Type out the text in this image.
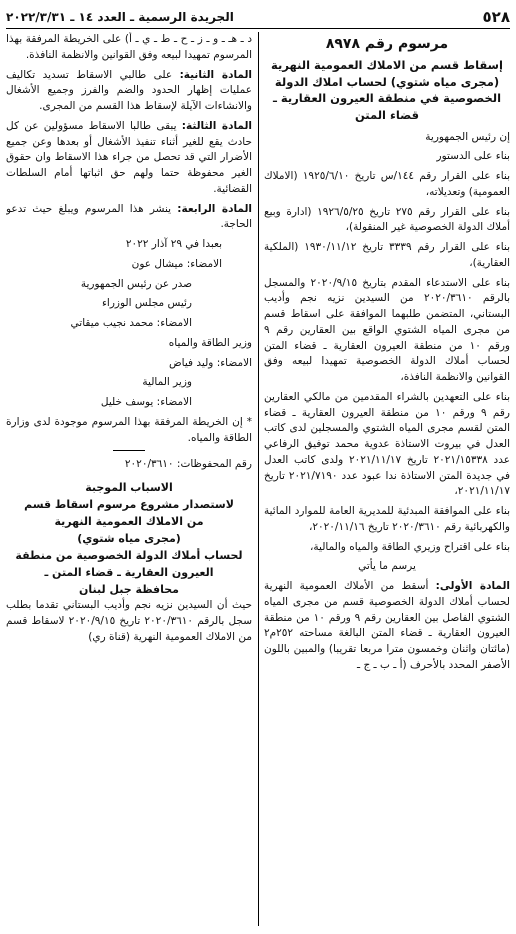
٥٢٨
الجريدة الرسمية ـ العدد ١٤ ـ ٢٠٢٢/٣/٣١
مرسوم رقم ٨٩٧٨
إسقاط قسم من الاملاك العمومية النهرية
(مجرى مياه شتوي) لحساب املاك الدولة
الخصوصية في منطقة العيرون العقارية ـ
قضاء المتن

إن رئيس الجمهورية

بناء على الدستور

بناء على القرار رقم ١٤٤/س تاريخ ١٩٢٥/٦/١٠ (الاملاك العمومية) وتعديلاته،

بناء على القرار رقم ٢٧٥ تاريخ ١٩٢٦/٥/٢٥ (ادارة وبيع أملاك الدولة الخصوصية غير المنقولة)،

بناء على القرار رقم ٣٣٣٩ تاريخ ١٩٣٠/١١/١٢ (الملكية العقارية)،

بناء على الاستدعاء المقدم بتاريخ ٢٠٢٠/٩/١٥ والمسجل بالرقم ٢٠٢٠/٣٦١٠ من السيدين نزيه نجم وأديب البستاني، المتضمن طلبهما الموافقة على اسقاط قسم من مجرى المياه الشتوي الواقع بين العقارين رقم ٩ ورقم ١٠ من منطقة العيرون العقارية ـ قضاء المتن لحساب أملاك الدولة الخصوصية تمهيدا لبيعه وفق القوانين والانظمة النافذة،

بناء على التعهدين بالشراء المقدمين من مالكي العقارين رقم ٩ ورقم ١٠ من منطقة العيرون العقارية ـ قضاء المتن لقسم مجرى المياه الشتوي والمسجلين لدى كاتب العدل في بيروت الاستاذة عدوية محمد توفيق الرفاعي عدد ٢٠٢١/١٥٣٣٨ تاريخ ٢٠٢١/١١/١٧ ولدى كاتب العدل في جديدة المتن الاستاذة ندا عبود عدد ٢٠٢١/٧١٩٠ تاريخ ٢٠٢١/١١/١٧،

بناء على الموافقة المبدئية للمديرية العامة للموارد المائية والكهربائية رقم ٢٠٢٠/٣٦١٠ تاريخ ٢٠٢٠/١١/١٦،

بناء على اقتراح وزيري الطاقة والمياه والمالية،

يرسم ما يأتي

المادة الأولى: أسقط من الأملاك العمومية النهرية لحساب أملاك الدولة الخصوصية قسم من مجرى المياه الشتوي الفاصل بين العقارين رقم ٩ ورقم ١٠ من منطقة العيرون العقارية ـ قضاء المتن البالغة مساحته ٢٥٢م٢ (مائتان واثنان وخمسون مترا مربعا تقريبا) والمبين باللون الأصفر المحدد بالأحرف (أ ـ ب ـ ج ـ

د ـ هـ ـ و ـ ز ـ ح ـ ط ـ ي ـ أ) على الخريطة المرفقة بهذا المرسوم تمهيدا لبيعه وفق القوانين والانظمة النافذة.

المادة الثانية: على طالبي الاسقاط تسديد تكاليف عمليات إظهار الحدود والضم والفرز وجميع الأشغال والانشاءات الآيلة لإسقاط هذا القسم من المجرى.

المادة الثالثة: يبقى طالبا الاسقاط مسؤولين عن كل حادث يقع للغير أثناء تنفيذ الأشغال أو بعدها وعن جميع الأضرار التي قد تحصل من جراء هذا الاسقاط وان حقوق الغير محفوظة حتما ولهم حق اثباتها أمام السلطات القضائية.

المادة الرابعة: ينشر هذا المرسوم ويبلغ حيث تدعو الحاجة.

بعبدا في ٢٩ آذار ٢٠٢٢

الامضاء: ميشال عون

صدر عن رئيس الجمهورية

رئيس مجلس الوزراء

الامضاء: محمد نجيب ميقاتي

وزير الطاقة والمياه

الامضاء: وليد فياض

وزير المالية

الامضاء: يوسف خليل

* إن الخريطة المرفقة بهذا المرسوم موجودة لدى وزارة الطاقة والمياه.

رقم المحفوظات: ٢٠٢٠/٣٦١٠

الاسباب الموجبة
لاستصدار مشروع مرسوم اسقاط قسم
من الاملاك العمومية النهرية
(مجرى مياه شتوي)
لحساب أملاك الدولة الخصوصية من منطقة
العيرون العقارية ـ قضاء المتن ـ
محافظة جبل لبنان

حيث أن السيدين نزيه نجم وأديب البستاني تقدما بطلب سجل بالرقم ٢٠٢٠/٣٦١٠ تاريخ ٢٠٢٠/٩/١٥ لاسقاط قسم من الاملاك العمومية النهرية (قناة ري)
